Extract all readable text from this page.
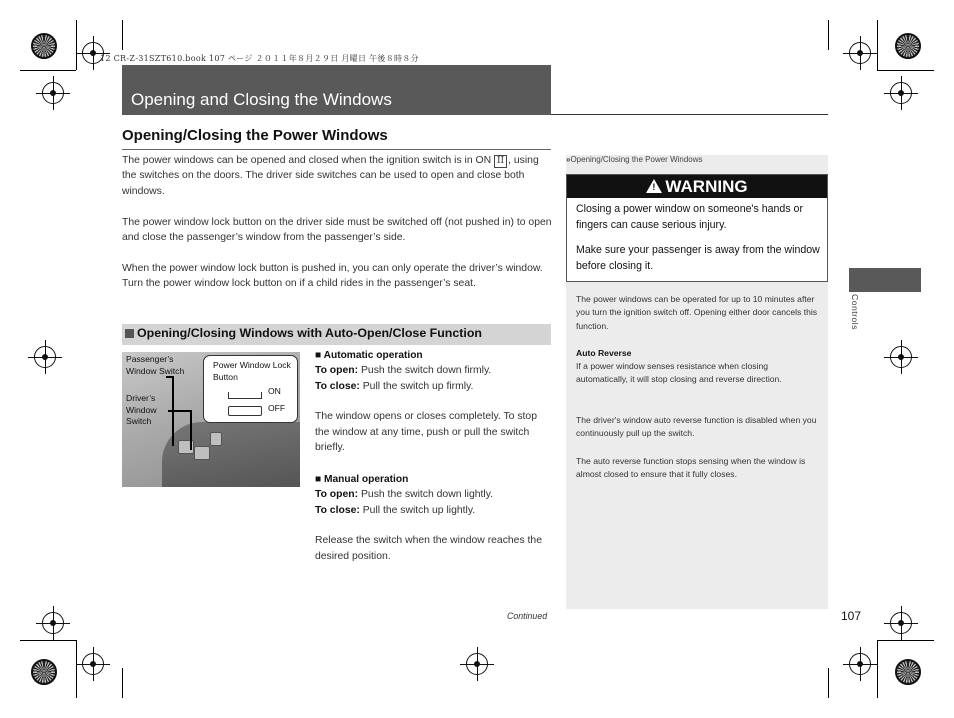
12 CR-Z-31SZT610.book 107 ページ ２０１１年８月２９日 月曜日 午後８時８分
Opening and Closing the Windows
Opening/Closing the Power Windows
The power windows can be opened and closed when the ignition switch is in ON II , using the switches on the doors. The driver side switches can be used to open and close both windows.
The power window lock button on the driver side must be switched off (not pushed in) to open and close the passenger’s window from the passenger’s side.
When the power window lock button is pushed in, you can only operate the driver’s window. Turn the power window lock button on if a child rides in the passenger’s seat.
Opening/Closing Windows with Auto-Open/Close Function
Passenger’s Window Switch
Driver’s Window Switch
Power Window Lock Button
ON
OFF
■ Automatic operation
To open: Push the switch down firmly.
To close: Pull the switch up firmly.
The window opens or closes completely. To stop the window at any time, push or pull the switch briefly.
■ Manual operation
To open: Push the switch down lightly.
To close: Pull the switch up lightly.
Release the switch when the window reaches the desired position.
Continued
»Opening/Closing the Power Windows
!WARNING
Closing a power window on someone's hands or fingers can cause serious injury.
Make sure your passenger is away from the window before closing it.
The power windows can be operated for up to 10 minutes after you turn the ignition switch off. Opening either door cancels this function.
Auto Reverse
If a power window senses resistance when closing automatically, it will stop closing and reverse direction.
The driver's window auto reverse function is disabled when you continuously pull up the switch.
The auto reverse function stops sensing when the window is almost closed to ensure that it fully closes.
Controls
107
